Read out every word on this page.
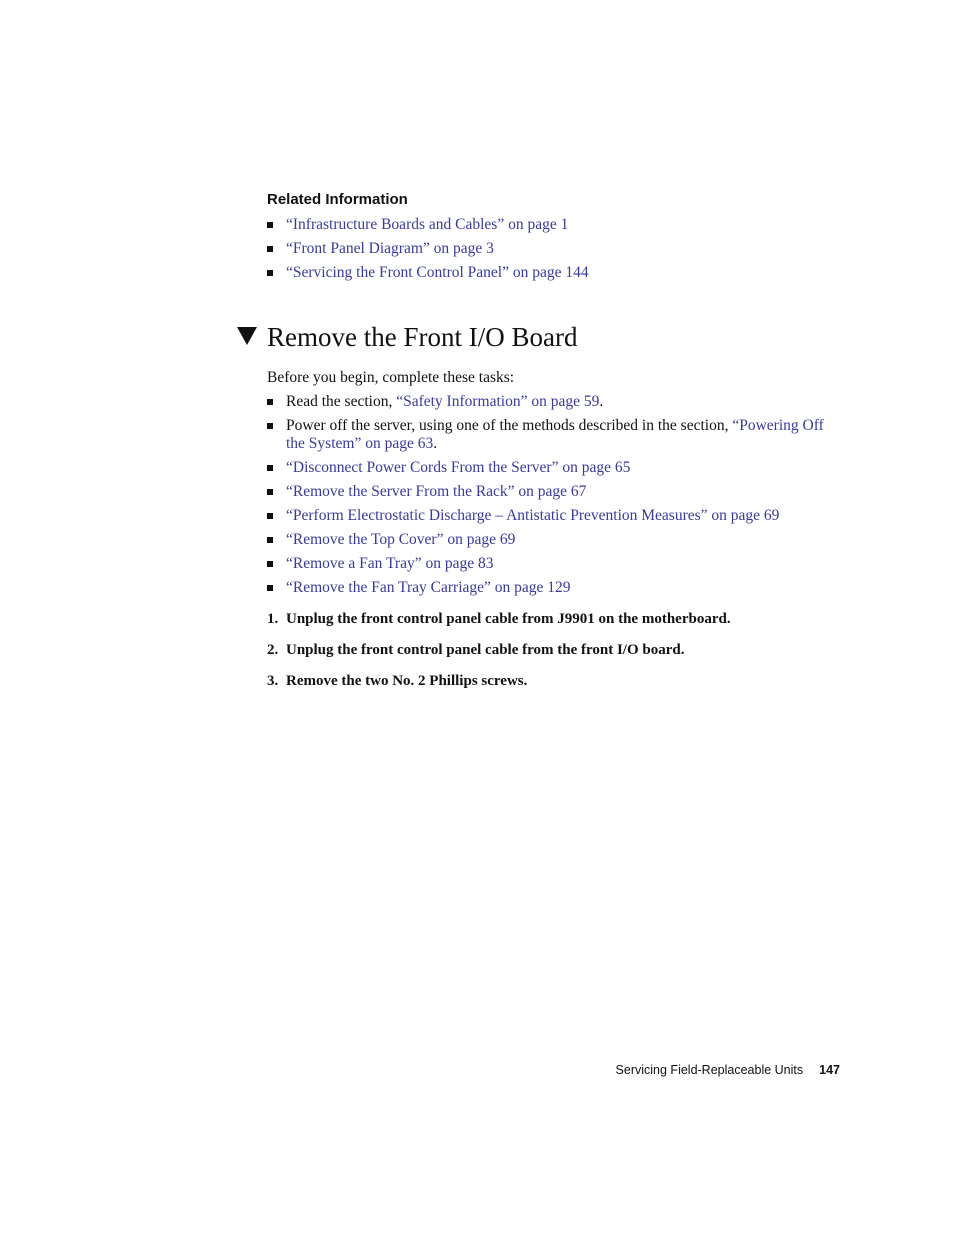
Related Information
“Infrastructure Boards and Cables” on page 1
“Front Panel Diagram” on page 3
“Servicing the Front Control Panel” on page 144
Remove the Front I/O Board
Before you begin, complete these tasks:
Read the section, “Safety Information” on page 59.
Power off the server, using one of the methods described in the section, “Powering Off the System” on page 63.
“Disconnect Power Cords From the Server” on page 65
“Remove the Server From the Rack” on page 67
“Perform Electrostatic Discharge – Antistatic Prevention Measures” on page 69
“Remove the Top Cover” on page 69
“Remove a Fan Tray” on page 83
“Remove the Fan Tray Carriage” on page 129
1. Unplug the front control panel cable from J9901 on the motherboard.
2. Unplug the front control panel cable from the front I/O board.
3. Remove the two No. 2 Phillips screws.
Servicing Field-Replaceable Units 147
